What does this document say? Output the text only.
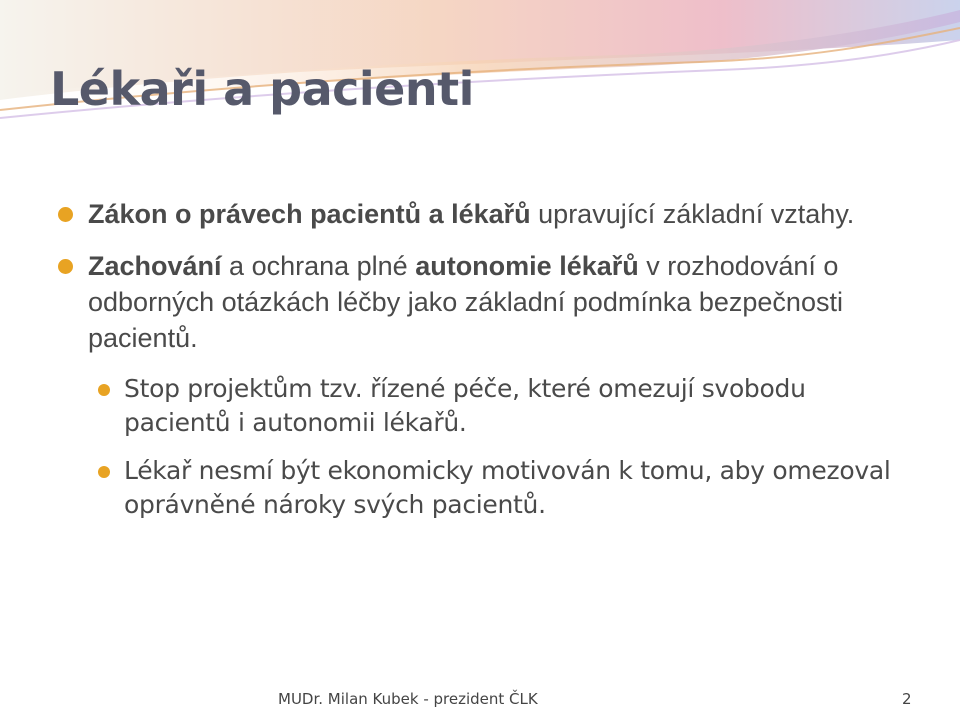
Lékaři a pacienti
Zákon o právech pacientů a lékařů upravující základní vztahy.
Zachování a ochrana plné autonomie lékařů v rozhodování o odborných otázkách léčby jako základní podmínka bezpečnosti pacientů.
Stop projektům tzv. řízené péče, které omezují svobodu pacientů i autonomii lékařů.
Lékař nesmí být ekonomicky motivován k tomu, aby omezoval oprávněné nároky svých pacientů.
MUDr. Milan Kubek - prezident ČLK	2
